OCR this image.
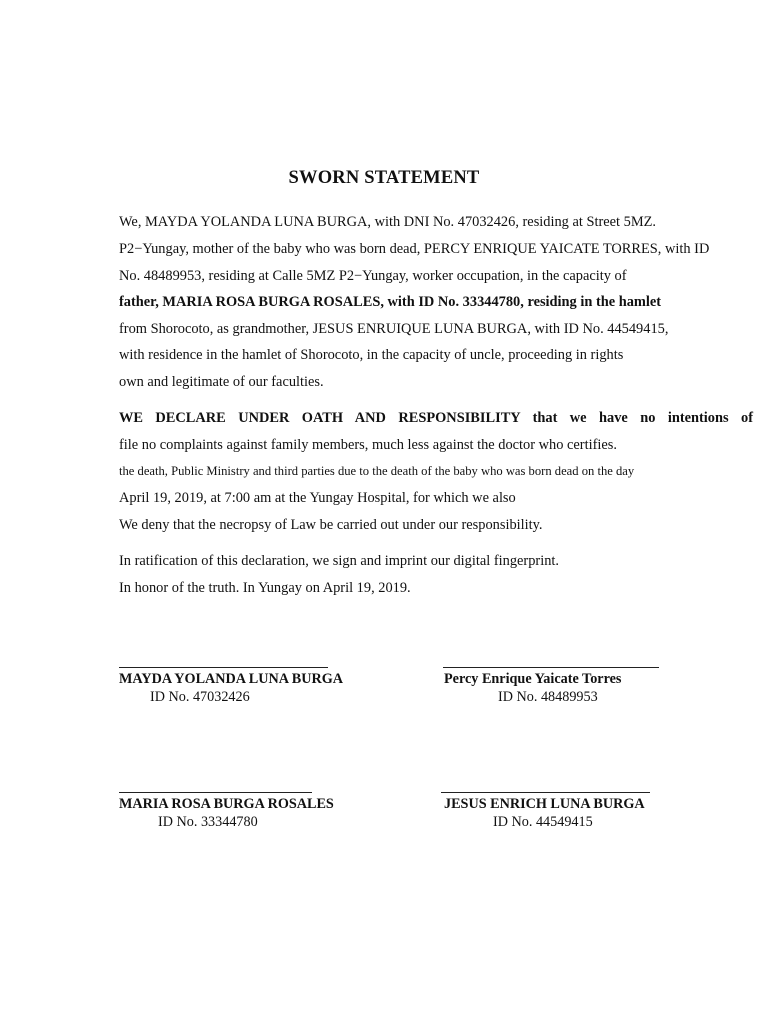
SWORN STATEMENT
We, MAYDA YOLANDA LUNA BURGA, with DNI No. 47032426, residing at Street 5MZ.
P2−Yungay, mother of the baby who was born dead, PERCY ENRIQUE YAICATE TORRES, with ID
No. 48489953, residing at Calle 5MZ P2−Yungay, worker occupation, in the capacity of
father, MARIA ROSA BURGA ROSALES, with ID No. 33344780, residing in the hamlet
from Shorocoto, as grandmother, JESUS ENRUIQUE LUNA BURGA, with ID No. 44549415,
with residence in the hamlet of Shorocoto, in the capacity of uncle, proceeding in rights
own and legitimate of our faculties.
WE DECLARE UNDER OATH AND RESPONSIBILITY that we have no intentions of
file no complaints against family members, much less against the doctor who certifies.
the death, Public Ministry and third parties due to the death of the baby who was born dead on the day
April 19, 2019, at 7:00 am at the Yungay Hospital, for which we also
We deny that the necropsy of Law be carried out under our responsibility.
In ratification of this declaration, we sign and imprint our digital fingerprint.
In honor of the truth. In Yungay on April 19, 2019.
MAYDA YOLANDA LUNA BURGA
ID No. 47032426
Percy Enrique Yaicate Torres
ID No. 48489953
MARIA ROSA BURGA ROSALES
ID No. 33344780
JESUS ENRICH LUNA BURGA
ID No. 44549415
